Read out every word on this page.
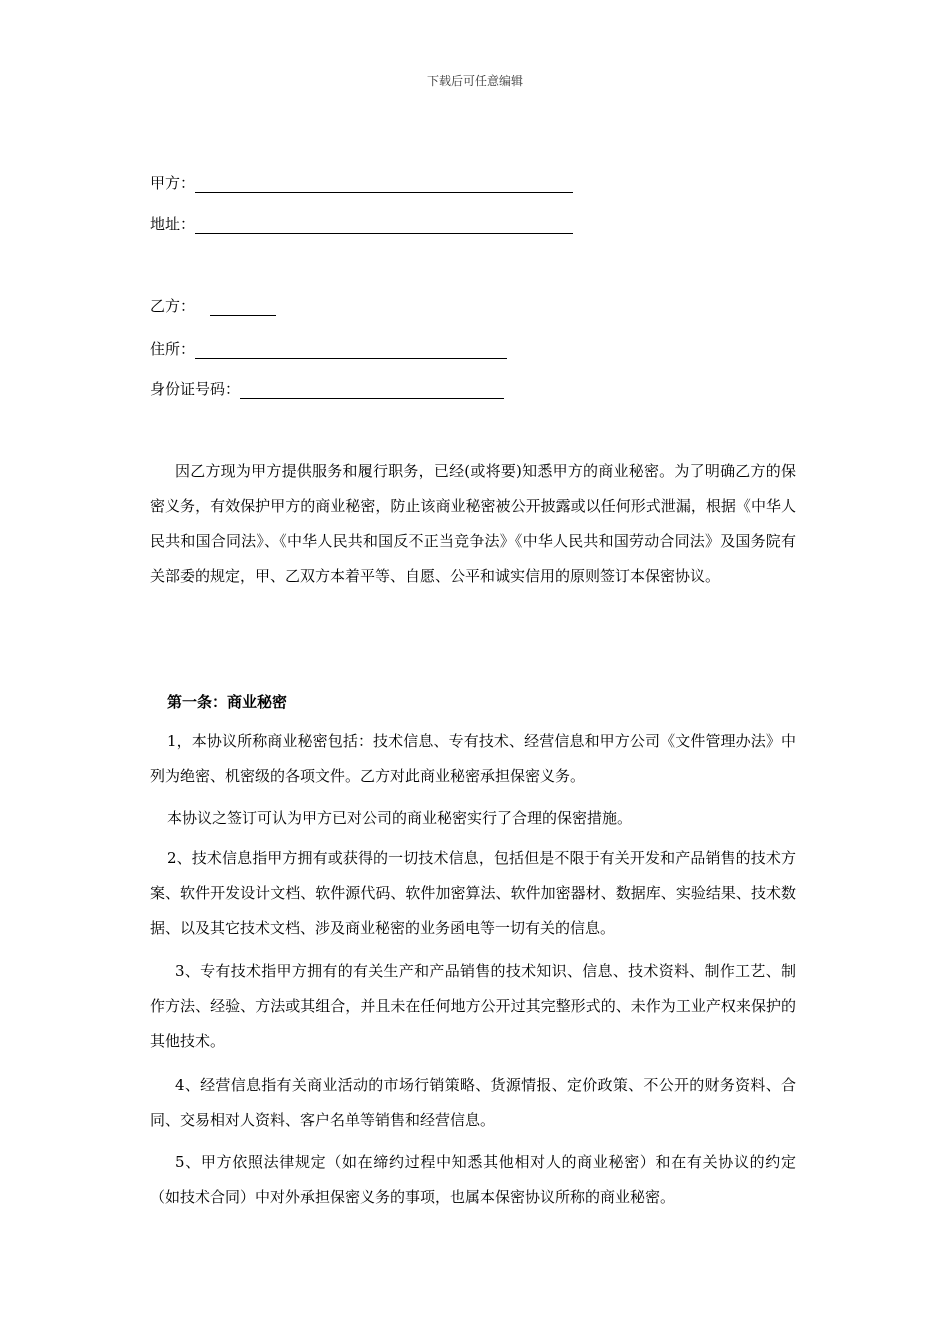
下载后可任意编辑
甲方：
地址：
乙方：
住所：
身份证号码：

因乙方现为甲方提供服务和履行职务，已经(或将要)知悉甲方的商业秘密。为了明确乙方的保密义务，有效保护甲方的商业秘密，防止该商业秘密被公开披露或以任何形式泄漏，根据《中华人民共和国合同法》、《中华人民共和国反不正当竞争法》《中华人民共和国劳动合同法》及国务院有关部委的规定，甲、乙双方本着平等、自愿、公平和诚实信用的原则签订本保密协议。

第一条：商业秘密

1，本协议所称商业秘密包括：技术信息、专有技术、经营信息和甲方公司《文件管理办法》中列为绝密、机密级的各项文件。乙方对此商业秘密承担保密义务。

本协议之签订可认为甲方已对公司的商业秘密实行了合理的保密措施。

2、技术信息指甲方拥有或获得的一切技术信息，包括但是不限于有关开发和产品销售的技术方案、软件开发设计文档、软件源代码、软件加密算法、软件加密器材、数据库、实验结果、技术数据、以及其它技术文档、涉及商业秘密的业务函电等一切有关的信息。

3、专有技术指甲方拥有的有关生产和产品销售的技术知识、信息、技术资料、制作工艺、制作方法、经验、方法或其组合，并且未在任何地方公开过其完整形式的、未作为工业产权来保护的其他技术。

4、经营信息指有关商业活动的市场行销策略、货源情报、定价政策、不公开的财务资料、合同、交易相对人资料、客户名单等销售和经营信息。

5、甲方依照法律规定（如在缔约过程中知悉其他相对人的商业秘密）和在有关协议的约定（如技术合同）中对外承担保密义务的事项，也属本保密协议所称的商业秘密。
